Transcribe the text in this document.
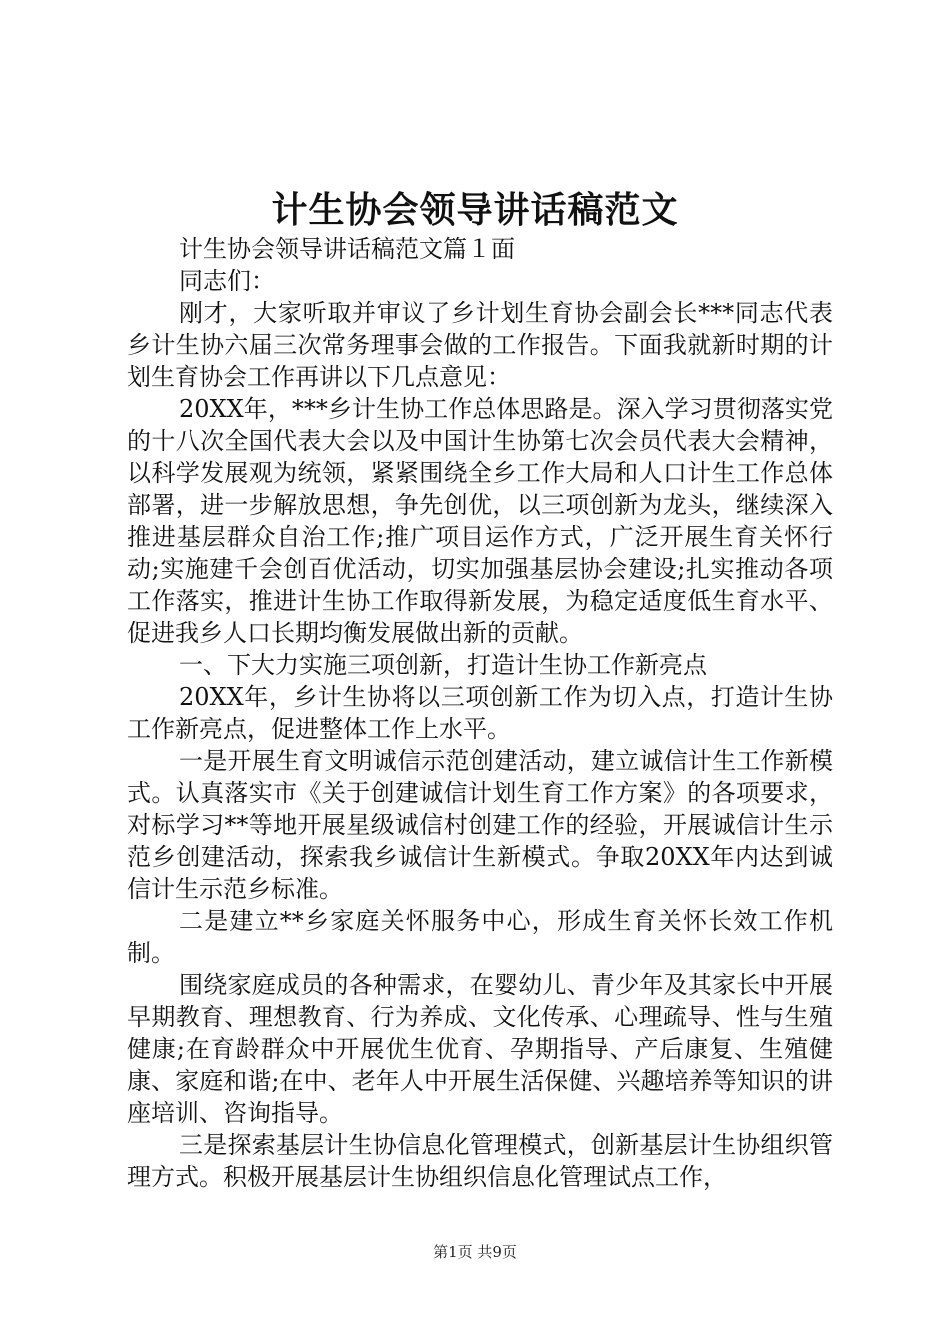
计生协会领导讲话稿范文

计生协会领导讲话稿范文篇１面

同志们：

刚才，大家听取并审议了乡计划生育协会副会长***同志代表乡计生协六届三次常务理事会做的工作报告。下面我就新时期的计划生育协会工作再讲以下几点意见：

20XX年，***乡计生协工作总体思路是。深入学习贯彻落实党的十八次全国代表大会以及中国计生协第七次会员代表大会精神，以科学发展观为统领，紧紧围绕全乡工作大局和人口计生工作总体部署，进一步解放思想，争先创优，以三项创新为龙头，继续深入推进基层群众自治工作;推广项目运作方式，广泛开展生育关怀行动;实施建千会创百优活动，切实加强基层协会建设;扎实推动各项工作落实，推进计生协工作取得新发展，为稳定适度低生育水平、促进我乡人口长期均衡发展做出新的贡献。

一、下大力实施三项创新，打造计生协工作新亮点

20XX年，乡计生协将以三项创新工作为切入点，打造计生协工作新亮点，促进整体工作上水平。

一是开展生育文明诚信示范创建活动，建立诚信计生工作新模式。认真落实市《关于创建诚信计划生育工作方案》的各项要求，对标学习**等地开展星级诚信村创建工作的经验，开展诚信计生示范乡创建活动，探索我乡诚信计生新模式。争取20XX年内达到诚信计生示范乡标准。

二是建立**乡家庭关怀服务中心，形成生育关怀长效工作机制。

围绕家庭成员的各种需求，在婴幼儿、青少年及其家长中开展早期教育、理想教育、行为养成、文化传承、心理疏导、性与生殖健康;在育龄群众中开展优生优育、孕期指导、产后康复、生殖健康、家庭和谐;在中、老年人中开展生活保健、兴趣培养等知识的讲座培训、咨询指导。

三是探索基层计生协信息化管理模式，创新基层计生协组织管理方式。积极开展基层计生协组织信息化管理试点工作，

第1页 共9页
